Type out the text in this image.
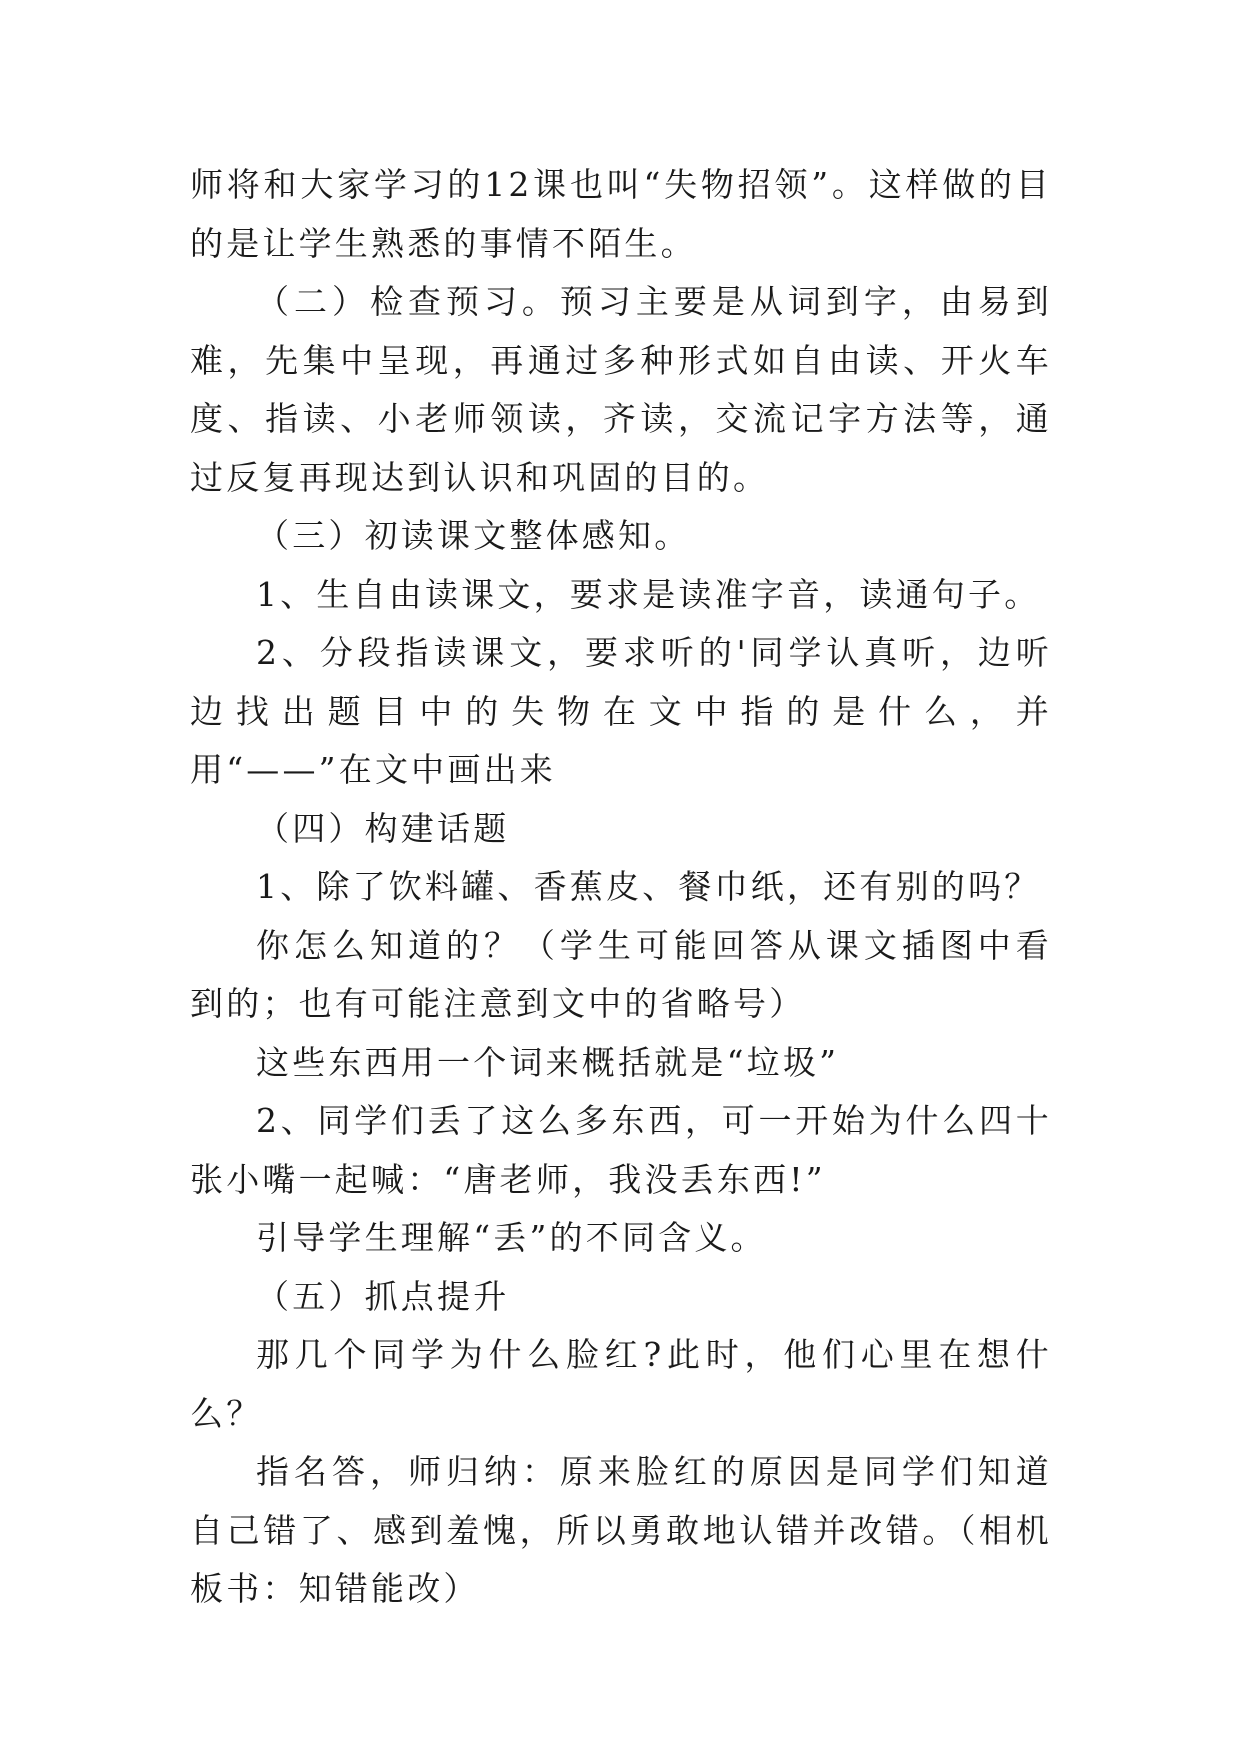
师将和大家学习的12课也叫“失物招领”。这样做的目的是让学生熟悉的事情不陌生。

（二）检查预习。预习主要是从词到字，由易到难，先集中呈现，再通过多种形式如自由读、开火车度、指读、小老师领读，齐读，交流记字方法等，通过反复再现达到认识和巩固的目的。

（三）初读课文整体感知。

1、生自由读课文，要求是读准字音，读通句子。

2、分段指读课文，要求听的'同学认真听，边听边找出题目中的失物在文中指的是什么，并用“——”在文中画出来

（四）构建话题

1、除了饮料罐、香蕉皮、餐巾纸，还有别的吗？

你怎么知道的？（学生可能回答从课文插图中看到的；也有可能注意到文中的省略号）

这些东西用一个词来概括就是“垃圾”

2、同学们丢了这么多东西，可一开始为什么四十张小嘴一起喊：“唐老师，我没丢东西!”

引导学生理解“丢”的不同含义。

（五）抓点提升

那几个同学为什么脸红?此时，他们心里在想什么？

指名答，师归纳：原来脸红的原因是同学们知道自己错了、感到羞愧，所以勇敢地认错并改错。（相机板书：知错能改）
